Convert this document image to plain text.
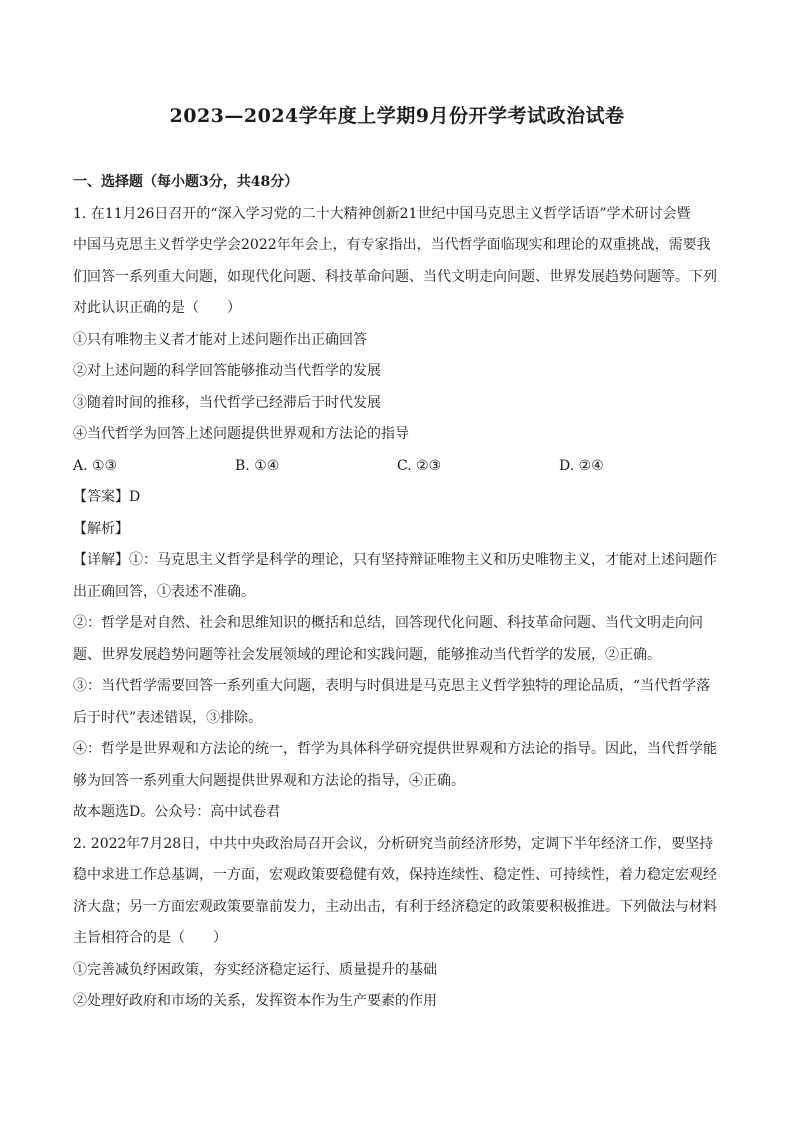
2023—2024学年度上学期9月份开学考试政治试卷
一、选择题（每小题3分，共48分）
1. 在11月26日召开的“深入学习党的二十大精神创新21世纪中国马克思主义哲学话语”学术研讨会暨
中国马克思主义哲学史学会2022年年会上，有专家指出，当代哲学面临现实和理论的双重挑战，需要我
们回答一系列重大问题，如现代化问题、科技革命问题、当代文明走向问题、世界发展趋势问题等。下列
对此认识正确的是（　　）
①只有唯物主义者才能对上述问题作出正确回答
②对上述问题的科学回答能够推动当代哲学的发展
③随着时间的推移，当代哲学已经滞后于时代发展
④当代哲学为回答上述问题提供世界观和方法论的指导
A. ①③	B. ①④	C. ②③	D. ②④
【答案】D
【解析】
【详解】①：马克思主义哲学是科学的理论，只有坚持辩证唯物主义和历史唯物主义，才能对上述问题作
出正确回答，①表述不准确。
②：哲学是对自然、社会和思维知识的概括和总结，回答现代化问题、科技革命问题、当代文明走向问
题、世界发展趋势问题等社会发展领域的理论和实践问题，能够推动当代哲学的发展，②正确。
③：当代哲学需要回答一系列重大问题，表明与时俱进是马克思主义哲学独特的理论品质，“当代哲学落
后于时代”表述错误，③排除。
④：哲学是世界观和方法论的统一，哲学为具体科学研究提供世界观和方法论的指导。因此，当代哲学能
够为回答一系列重大问题提供世界观和方法论的指导，④正确。
故本题选D。公众号：高中试卷君
2. 2022年7月28日，中共中央政治局召开会议，分析研究当前经济形势，定调下半年经济工作，要坚持
稳中求进工作总基调，一方面，宏观政策要稳健有效，保持连续性、稳定性、可持续性，着力稳定宏观经
济大盘；另一方面宏观政策要靠前发力，主动出击，有利于经济稳定的政策要积极推进。下列做法与材料
主旨相符合的是（　　）
①完善减负纾困政策，夯实经济稳定运行、质量提升的基础
②处理好政府和市场的关系，发挥资本作为生产要素的作用
